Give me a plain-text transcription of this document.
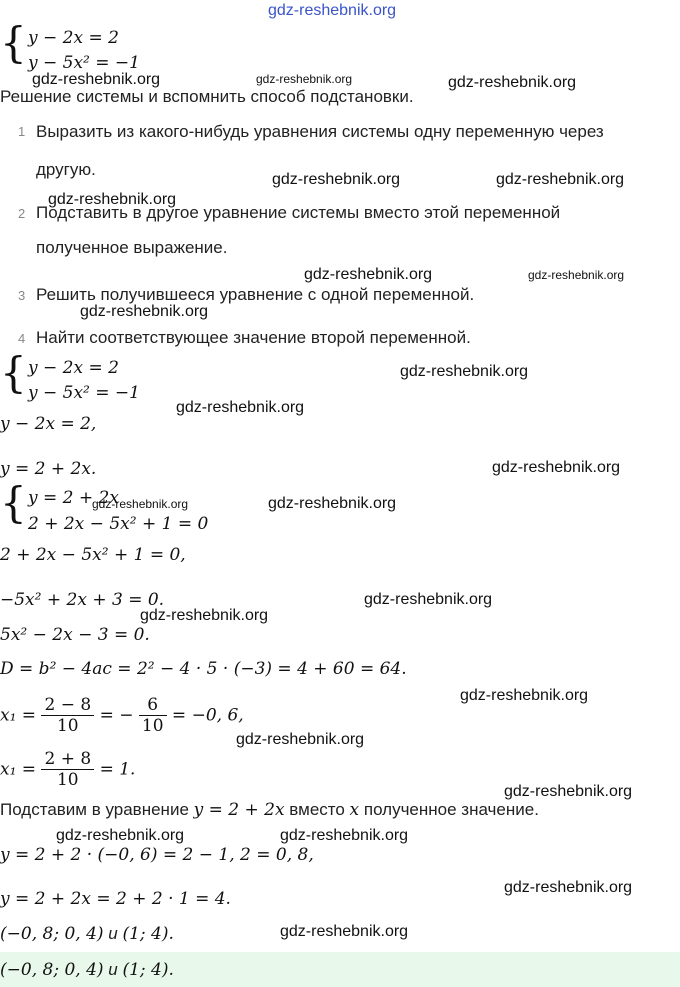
gdz-reshebnik.org
{ y − 2x = 2
y − 5x² = −1
gdz-reshebnik.org	gdz-reshebnik.org	gdz-reshebnik.org
Решение системы и вспомнить способ подстановки.
1 Выразить из какого-нибудь уравнения системы одну переменную через
другую.
gdz-reshebnik.org	gdz-reshebnik.org
gdz-reshebnik.org
2 Подставить в другое уравнение системы вместо этой переменной
полученное выражение.
gdz-reshebnik.org	gdz-reshebnik.org
3 Решить получившееся уравнение с одной переменной.
gdz-reshebnik.org
4 Найти соответствующее значение второй переменной.
{ y − 2x = 2
y − 5x² = −1
gdz-reshebnik.org
gdz-reshebnik.org
y − 2x = 2,
y = 2 + 2x.	gdz-reshebnik.org
{ y = 2 + 2x
2 + 2x − 5x² + 1 = 0
gdz-reshebnik.org	gdz-reshebnik.org
2 + 2x − 5x² + 1 = 0,
−5x² + 2x + 3 = 0.	gdz-reshebnik.org
gdz-reshebnik.org
5x² − 2x − 3 = 0.
D = b² − 4ac = 2² − 4 · 5 · (−3) = 4 + 60 = 64.
gdz-reshebnik.org
$x_1 = \frac{2 - 8}{10}$ = − $\frac{6}{10} = -0$, 6,
gdz-reshebnik.org
$x_1 = \frac{2 + 8}{10} = 1$.
gdz-reshebnik.org
Подставим в уравнение y = 2 + 2x вместо x полученное значение.
gdz-reshebnik.org	gdz-reshebnik.org
y = 2 + 2 · (−0, 6) = 2 − 1, 2 = 0, 8,
gdz-reshebnik.org
y = 2 + 2x = 2 + 2 · 1 = 4.
(−0, 8; 0, 4) и (1; 4).	gdz-reshebnik.org
(−0, 8; 0, 4) и (1; 4).
